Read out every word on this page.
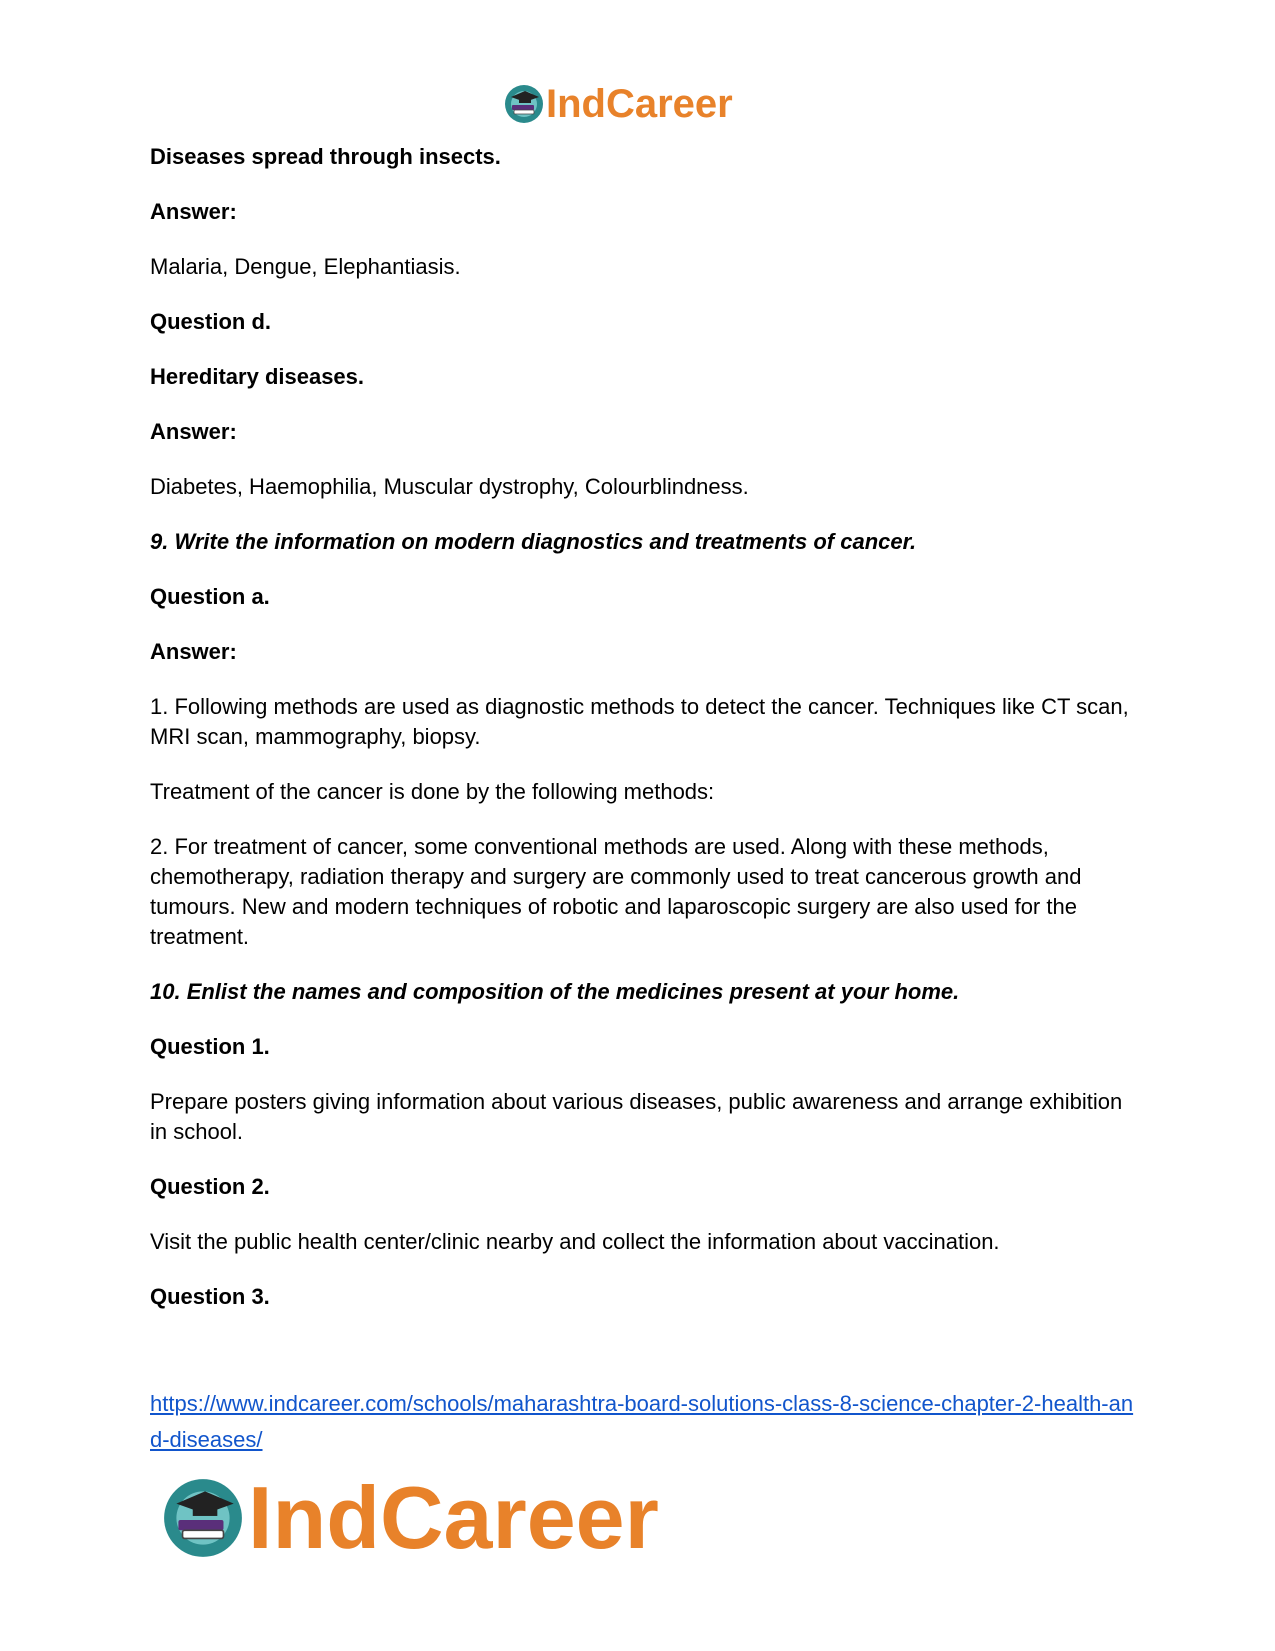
IndCareer

Diseases spread through insects.

Answer:

Malaria, Dengue, Elephantiasis.

Question d.

Hereditary diseases.

Answer:

Diabetes, Haemophilia, Muscular dystrophy, Colourblindness.

9. Write the information on modern diagnostics and treatments of cancer.

Question a.

Answer:

1. Following methods are used as diagnostic methods to detect the cancer. Techniques like CT scan, MRI scan, mammography, biopsy.

Treatment of the cancer is done by the following methods:

2. For treatment of cancer, some conventional methods are used. Along with these methods, chemotherapy, radiation therapy and surgery are commonly used to treat cancerous growth and tumours. New and modern techniques of robotic and laparoscopic surgery are also used for the treatment.

10. Enlist the names and composition of the medicines present at your home.

Question 1.

Prepare posters giving information about various diseases, public awareness and arrange exhibition in school.

Question 2.

Visit the public health center/clinic nearby and collect the information about vaccination.

Question 3.

https://www.indcareer.com/schools/maharashtra-board-solutions-class-8-science-chapter-2-health-and-diseases/
IndCareer
